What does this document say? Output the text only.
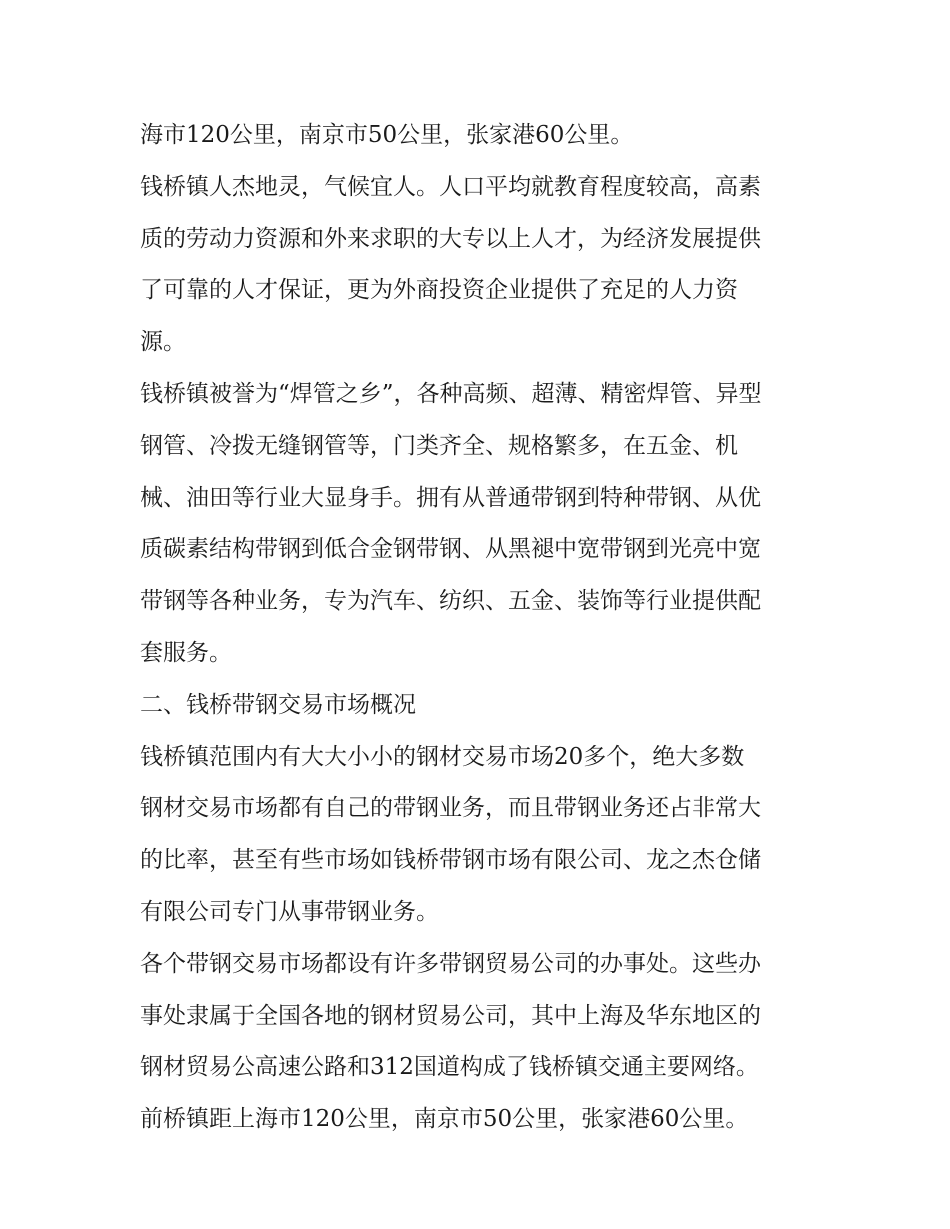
海市120公里，南京市50公里，张家港60公里。

钱桥镇人杰地灵，气候宜人。人口平均就教育程度较高，高素
质的劳动力资源和外来求职的大专以上人才，为经济发展提供
了可靠的人才保证，更为外商投资企业提供了充足的人力资
源。

钱桥镇被誉为“焊管之乡”，各种高频、超薄、精密焊管、异型
钢管、冷拨无缝钢管等，门类齐全、规格繁多，在五金、机
械、油田等行业大显身手。拥有从普通带钢到特种带钢、从优
质碳素结构带钢到低合金钢带钢、从黑褪中宽带钢到光亮中宽
带钢等各种业务，专为汽车、纺织、五金、装饰等行业提供配
套服务。

二、钱桥带钢交易市场概况

钱桥镇范围内有大大小小的钢材交易市场20多个，绝大多数
钢材交易市场都有自己的带钢业务，而且带钢业务还占非常大
的比率，甚至有些市场如钱桥带钢市场有限公司、龙之杰仓储
有限公司专门从事带钢业务。

各个带钢交易市场都设有许多带钢贸易公司的办事处。这些办
事处隶属于全国各地的钢材贸易公司，其中上海及华东地区的
钢材贸易公高速公路和312国道构成了钱桥镇交通主要网络。
前桥镇距上海市120公里，南京市50公里，张家港60公里。
